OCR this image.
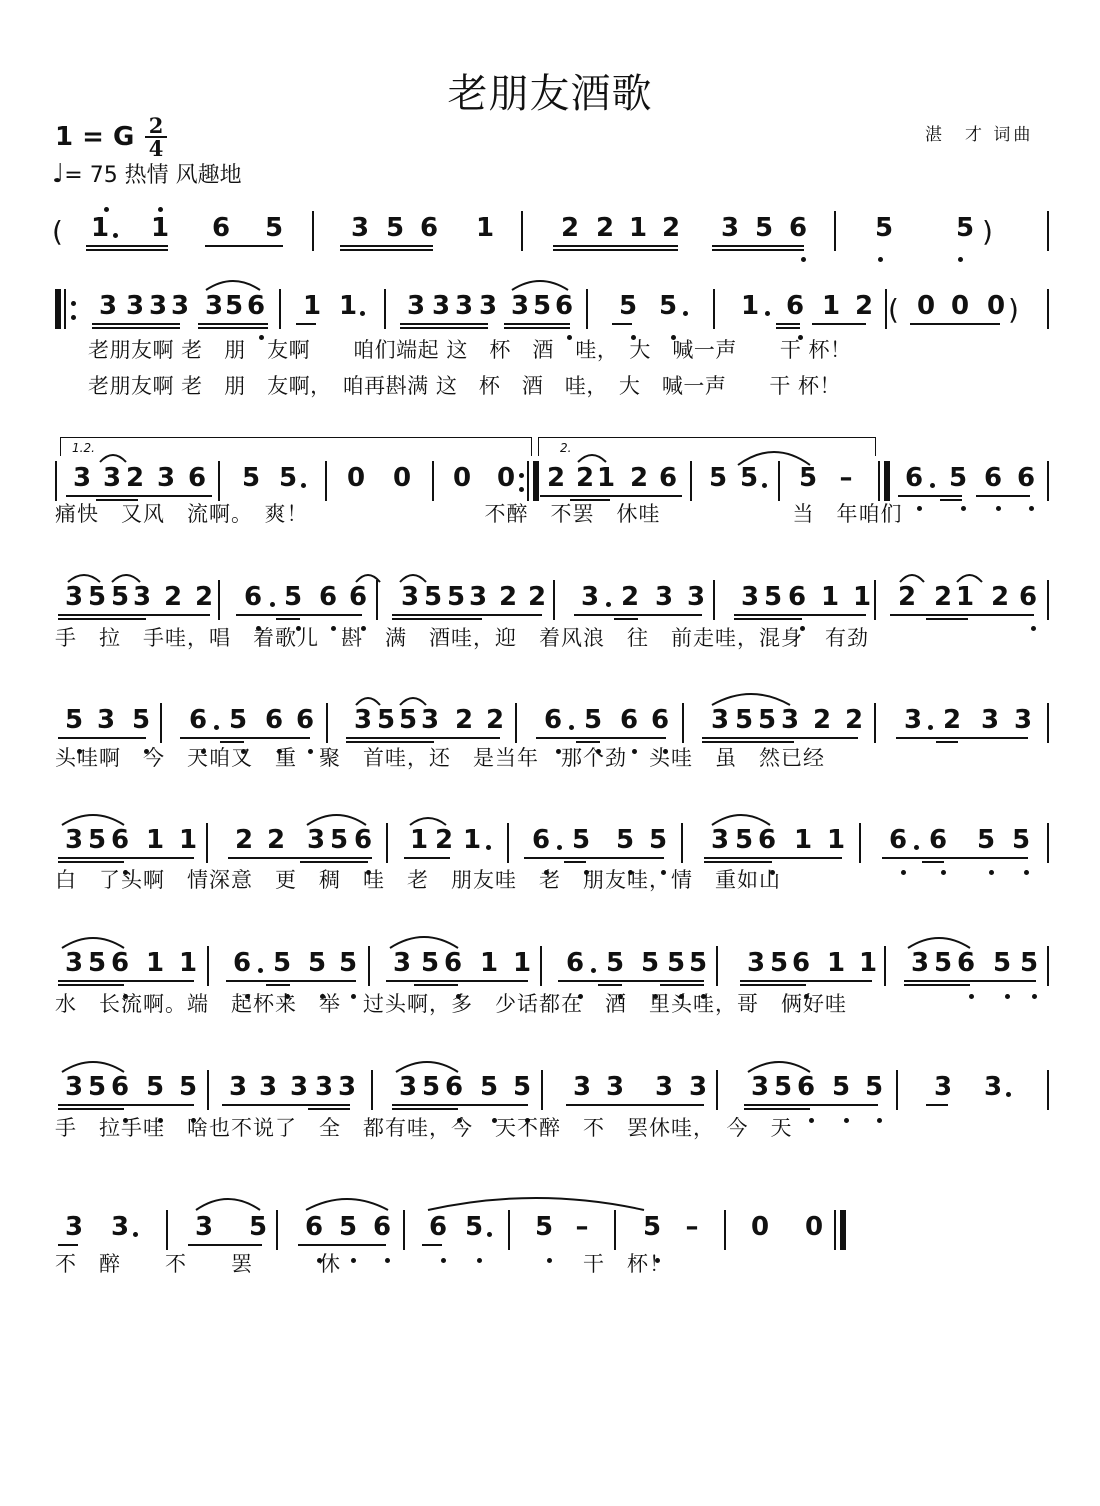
老朋友酒歌
1 = G 2
4
♩= 75 热情 风趣地
湛　才 词曲
( 1 1 6 5	3 5 6 1	2 2 1 2 3 5 6	5 5 )
3 3 3 3 3 5 6 1 1 3 3 3 3 3 5 6 5 5 1 6 1 2 ( 0 0 0 )
老朋友啊 老　朋　友啊　　咱们端起 这　杯　酒　哇，　大　喊一声　　干 杯！
老朋友啊 老　朋　友啊，　咱再斟满 这　杯　酒　哇，　大　喊一声　　干 杯！
3 3 2 3 6 5 5 0 0 0 0 2 2 1 2 6 5 5 5 – 6 5 6 6
痛快　又风　流啊。　爽！　　　　　　　　不醉　不罢　休哇　　　　　　当　年咱们
3 5 5 3 2 2 6 5 6 6 3 5 5 3 2 2 3 2 3 3 3 5 6 1 1 2 2 1 2 6
手　拉　手哇，唱　着歌儿　斟　满　酒哇，迎　着风浪　往　前走哇，混身　有劲
5 3 5 6 5 6 6 3 5 5 3 2 2 6 5 6 6 3 5 5 3 2 2 3 2 3 3
头哇啊　今　天咱又　重　聚　首哇，还　是当年　那个劲　头哇　虽　然已经
3 5 6 1 1 2 2 3 5 6 1 2 1 6 5 5 5 3 5 6 1 1 6 6 5 5
白　了头啊　情深意　更　稠　哇　老　朋友哇　老　朋友哇，情　重如山
3 5 6 1 1 6 5 5 5 3 5 6 1 1 6 5 5 5 5 3 5 6 1 1 3 5 6 5 5
水　长流啊。端　起杯来　举　过头啊，多　少话都在　酒　里头哇，哥　俩好哇
3 5 6 5 5 3 3 3 3 3 3 5 6 5 5 3 3 3 3 3 5 6 5 5 3 3
手　拉手哇　啥也不说了　全　都有哇，今　天不醉　不　罢休哇，　今　天
3 3	3 5 6 5 6 6 5 5 – 5 – 0 0
不　醉　　不　　罢　　　休　　　　　　　　　　　干　杯！
1.2.	2.
